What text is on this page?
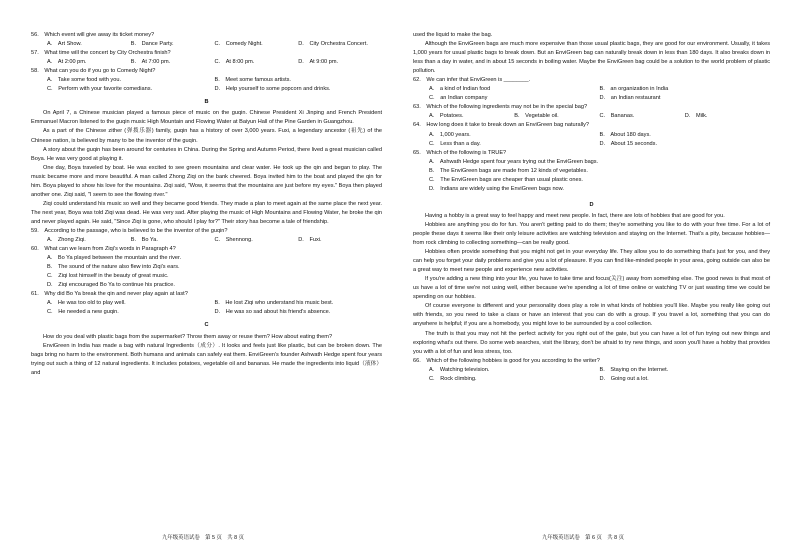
56.　Which event will give away its ticket money?

A.　Art Show.	B.　Dance Party.	C.　Comedy Night.	D.　City Orchestra Concert.

57.　What time will the concert by City Orchestra finish?

A.　At 2:00 pm.	B.　At 7:00 pm.	C.　At 8:00 pm.	D.　At 9:00 pm.

58.　What can you do if you go to Comedy Night?

A.　Take some food with you.	B.　Meet some famous artists.
C.　Perform with your favorite comedians.	D.　Help yourself to some popcorn and drinks.
B

On April 7, a Chinese musician played a famous piece of music on the guqin. Chinese President Xi Jinping and French President Emmanuel Macron listened to the guqin music High Mountain and Flowing Water at Baiyun Hall of the Pine Garden in Guangzhou.

As a part of the Chinese zither (弹拨乐器) family, guqin has a history of over 3,000 years. Fuxi, a legendary ancestor (祖先) of the Chinese nation, is believed by many to be the inventor of the guqin.

A story about the guqin has been around for centuries in China. During the Spring and Autumn Period, there lived a great musician called Boya. He was very good at playing it.

One day, Boya traveled by boat. He was excited to see green mountains and clear water. He took up the qin and began to play. The music became more and more beautiful. A man called Zhong Ziqi on the bank cheered. Boya invited him to the boat and played the qin for him. Boya played to show his love for the mountains. Ziqi said, "Wow, it seems that the mountains are just before my eyes." Boya then played another one. Ziqi said, "I seem to see the flowing river."

Ziqi could understand his music so well and they became good friends. They made a plan to meet again at the same place the next year. The next year, Boya was told Ziqi was dead. He was very sad. After playing the music of High Mountains and Flowing Water, he broke the qin and never played again. He said, "Since Ziqi is gone, who should I play for?" Their story has become a tale of friendship.

59.　According to the passage, who is believed to be the inventor of the guqin?

A.　Zhong Ziqi.	B.　Bo Ya.	C.　Shennong.	D.　Fuxi.

60.　What can we learn from Ziqi's words in Paragraph 4?

A.　Bo Ya played between the mountain and the river.

B.　The sound of the nature also flew into Ziqi's ears.

C.　Ziqi lost himself in the beauty of great music.

D.　Ziqi encouraged Bo Ya to continue his practice.

61.　Why did Bo Ya break the qin and never play again at last?

A.　He was too old to play well.	B.　He lost Ziqi who understand his music best.
C.　He needed a new guqin.	D.　He was so sad about his friend's absence.
C

How do you deal with plastic bags from the supermarket? Throw them away or reuse them? How about eating them?

EnviGreen in India has made a bag with natural Ingredients（成分）. It looks and feels just like plastic, but can be broken down. The bags bring no harm to the environment. Both humans and animals can safely eat them. EnviGreen's founder Ashwath Hedge spent four years trying out such a thing of 12 natural ingredients. It includes potatoes, vegetable oil and bananas. He made the ingredients into liquid（液体）and

used the liquid to make the bag.

Although the EnviGreen bags are much more expensive than those usual plastic bags, they are good for our environment. Usually, it takes 1,000 years for usual plastic bags to break down. But an EnviGreen bag can naturally break down in less than 180 days. It also breaks down in less than a day in water, and in about 15 seconds in boiling water. Maybe the EnviGreen bag could be a solution to the world problem of plastic pollution.

62.　We can infer that EnviGreen is ________.

A.　a kind of Indian food	B.　an organization in India
C.　an Indian company	D.　an Indian restaurant

63.　Which of the following ingredients may not be in the special bag?

A.　Potatoes.	B.　Vegetable oil.	C.　Bananas.	D.　Milk.

64.　How long does it take to break down an EnviGreen bag naturally?

A.　1,000 years.	B.　About 180 days.
C.　Less than a day.	D.　About 15 seconds.

65.　Which of the following is TRUE?

A.　Ashwath Hedge spent four years trying out the EnviGreen bags.

B.　The EnviGreen bags are made from 12 kinds of vegetables.

C.　The EnviGreen bags are cheaper than usual plastic ones.

D.　Indians are widely using the EnviGreen bags now.

D

Having a hobby is a great way to feel happy and meet new people. In fact, there are lots of hobbies that are good for you.

Hobbies are anything you do for fun. You aren't getting paid to do them; they're something you like to do with your free time. For a lot of people these days it seems like their only leisure activities are watching television and staying on the Internet. That's a pity, because hobbies—from rock climbing to collecting something—can be really good.

Hobbies often provide something that you might not get in your everyday life. They allow you to do something that's just for you, and they can help you forget your daily problems and give you a lot of pleasure. If you can find like-minded people in your area, going outside can also be a great way to meet new people and experience new activities.

If you're adding a new thing into your life, you have to take time and focus(关注) away from something else. The good news is that most of us have a lot of time we're not using well, either because we're spending a lot of time online or watching TV or just wasting time we could be spending on our hobbies.

Of course everyone is different and your personality does play a role in what kinds of hobbies you'll like. Maybe you really like going out with friends, so you need to take a class or have an interest that you can do with a group. If you travel a lot, something that you can do anywhere is helpful; if you are a homebody, you might love to be surrounded by a cool collection.

The truth is that you may not hit the perfect activity for you right out of the gate, but you can have a lot of fun trying out new things and exploring what's out there. Do some web searches, visit the library, don't be afraid to try new things, and soon you'll have a hobby that provides you with a lot of fun and less stress, too.

66.　Which of the following hobbies is good for you according to the writer?

A.　Watching television.	B.　Staying on the Internet.
C.　Rock climbing.	D.　Going out a lot.
九年级英语试卷　第 5 页　共 8 页	九年级英语试卷　第 6 页　共 8 页
